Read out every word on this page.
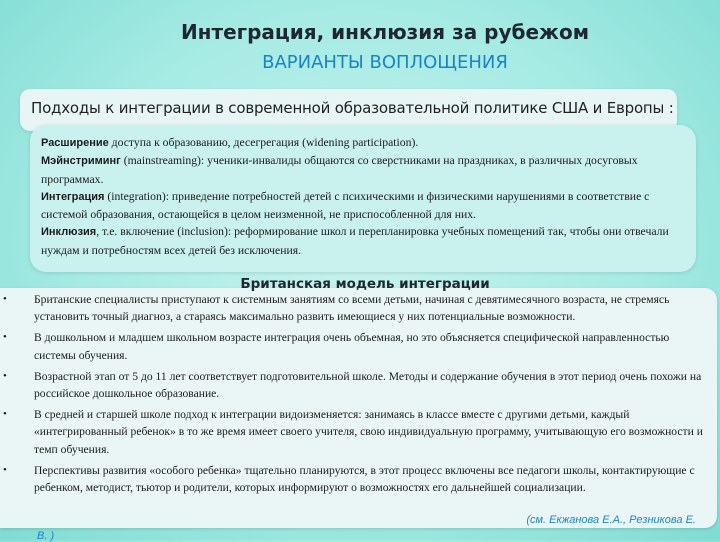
Интеграция, инклюзия за рубежом
ВАРИАНТЫ ВОПЛОЩЕНИЯ
Подходы к интеграции в современной образовательной политике США и Европы :

Расширение доступа к образованию, десегрегация (widening participation).

Мэйнстриминг (mainstreaming): ученики-инвалиды общаются со сверстниками на праздниках, в различных досуговых программах.

Интеграция (integration): приведение потребностей детей с психическими и физическими нарушениями в соответствие с системой образования, остающейся в целом неизменной, не приспособленной для них.

Инклюзия, т.е. включение (inclusion): реформирование школ и перепланировка учебных помещений так, чтобы они отвечали нуждам и потребностям всех детей без исключения.

Британская модель интеграции
• Британские специалисты приступают к системным занятиям со всеми детьми, начиная с девятимесячного возраста, не стремясь установить точный диагноз, а стараясь максимально развить имеющиеся у них потенциальные возможности.
• В дошкольном и младшем школьном возрасте интеграция очень объемная, но это объясняется специфической направленностью системы обучения.
• Возрастной этап от 5 до 11 лет соответствует подготовительной школе. Методы и содержание обучения в этот период очень похожи на российское дошкольное образование.
• В средней и старшей школе подход к интеграции видоизменяется: занимаясь в классе вместе с другими детьми, каждый «интегрированный ребенок» в то же время имеет своего учителя, свою индивидуальную программу, учитывающую его возможности и темп обучения.
• Перспективы развития «особого ребенка» тщательно планируются, в этот процесс включены все педагоги школы, контактирующие с ребенком, методист, тьютор и родители, которых информируют о возможностях его дальнейшей социализации.
(см. Екжанова Е.А., Резникова Е.
В. )
